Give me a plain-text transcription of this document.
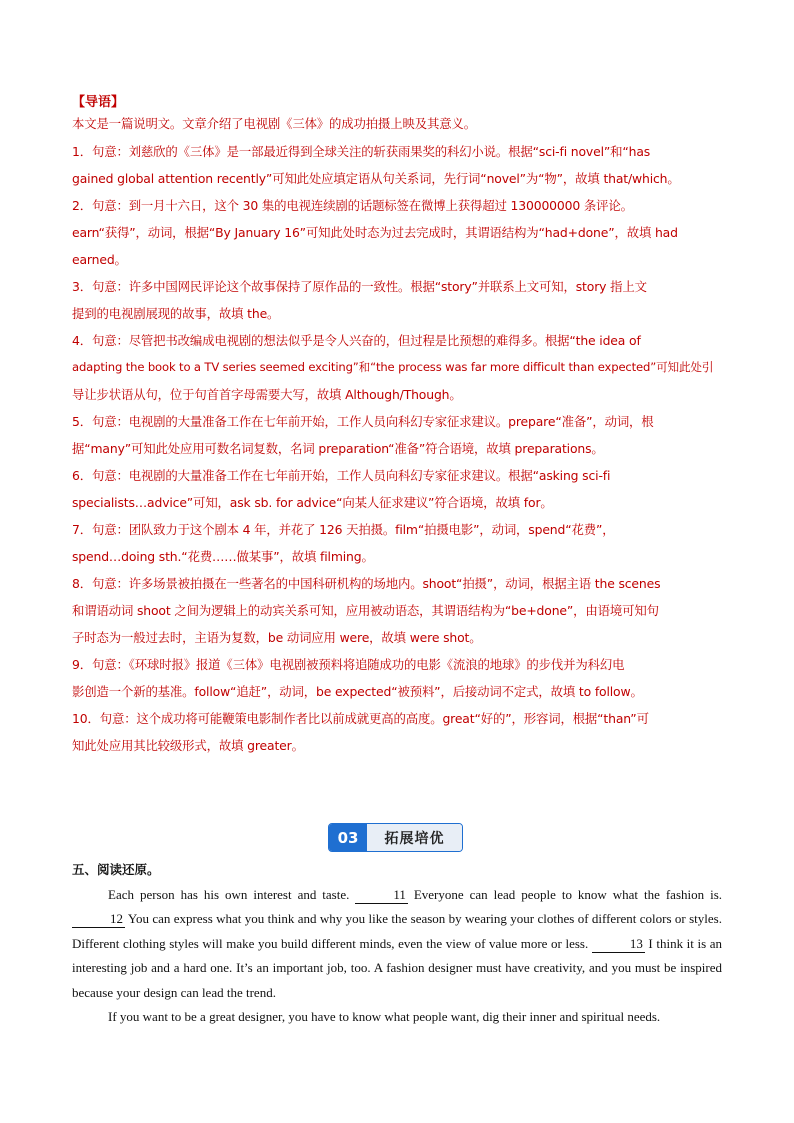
【导语】

本文是一篇说明文。文章介绍了电视剧《三体》的成功拍摄上映及其意义。

1．句意：刘慈欣的《三体》是一部最近得到全球关注的斩获雨果奖的科幻小说。根据“sci-fi novel”和“has

gained global attention recently”可知此处应填定语从句关系词，先行词“novel”为“物”，故填 that/which。

2．句意：到一月十六日，这个 30 集的电视连续剧的话题标签在微博上获得超过 130000000 条评论。

earn“获得”，动词，根据“By January 16”可知此处时态为过去完成时，其谓语结构为“had+done”，故填 had

earned。

3．句意：许多中国网民评论这个故事保持了原作品的一致性。根据“story”并联系上文可知，story 指上文

提到的电视剧展现的故事，故填 the。

4．句意：尽管把书改编成电视剧的想法似乎是令人兴奋的，但过程是比预想的难得多。根据“the idea of

adapting the book to a TV series seemed exciting”和“the process was far more difficult than expected”可知此处引

导让步状语从句，位于句首首字母需要大写，故填 Although/Though。

5．句意：电视剧的大量准备工作在七年前开始，工作人员向科幻专家征求建议。prepare“准备”，动词，根

据“many”可知此处应用可数名词复数，名词 preparation“准备”符合语境，故填 preparations。

6．句意：电视剧的大量准备工作在七年前开始，工作人员向科幻专家征求建议。根据“asking sci-fi

specialists…advice”可知，ask sb. for advice“向某人征求建议”符合语境，故填 for。

7．句意：团队致力于这个剧本 4 年，并花了 126 天拍摄。film“拍摄电影”，动词，spend“花费”，

spend…doing sth.“花费……做某事”，故填 filming。

8．句意：许多场景被拍摄在一些著名的中国科研机构的场地内。shoot“拍摄”，动词，根据主语 the scenes

和谓语动词 shoot 之间为逻辑上的动宾关系可知，应用被动语态，其谓语结构为“be+done”，由语境可知句

子时态为一般过去时，主语为复数，be 动词应用 were，故填 were shot。

9．句意：《环球时报》报道《三体》电视剧被预料将追随成功的电影《流浪的地球》的步伐并为科幻电

影创造一个新的基准。follow“追赶”，动词，be expected“被预料”，后接动词不定式，故填 to follow。

10．句意：这个成功将可能鞭策电影制作者比以前成就更高的高度。great“好的”，形容词，根据“than”可

知此处应用其比较级形式，故填 greater。

03	拓展培优

五、阅读还原。

Each person has his own interest and taste.	11 Everyone can lead people to know what the fashion is. 12 You can express what you think and why you like the season by wearing your clothes of different colors or styles. Different clothing styles will make you build different minds, even the view of value more or less.	13 I think it is an interesting job and a hard one. It’s an important job, too. A fashion designer must have creativity, and you must be inspired because your design can lead the trend.

If you want to be a great designer, you have to know what people want, dig their inner and spiritual needs.
